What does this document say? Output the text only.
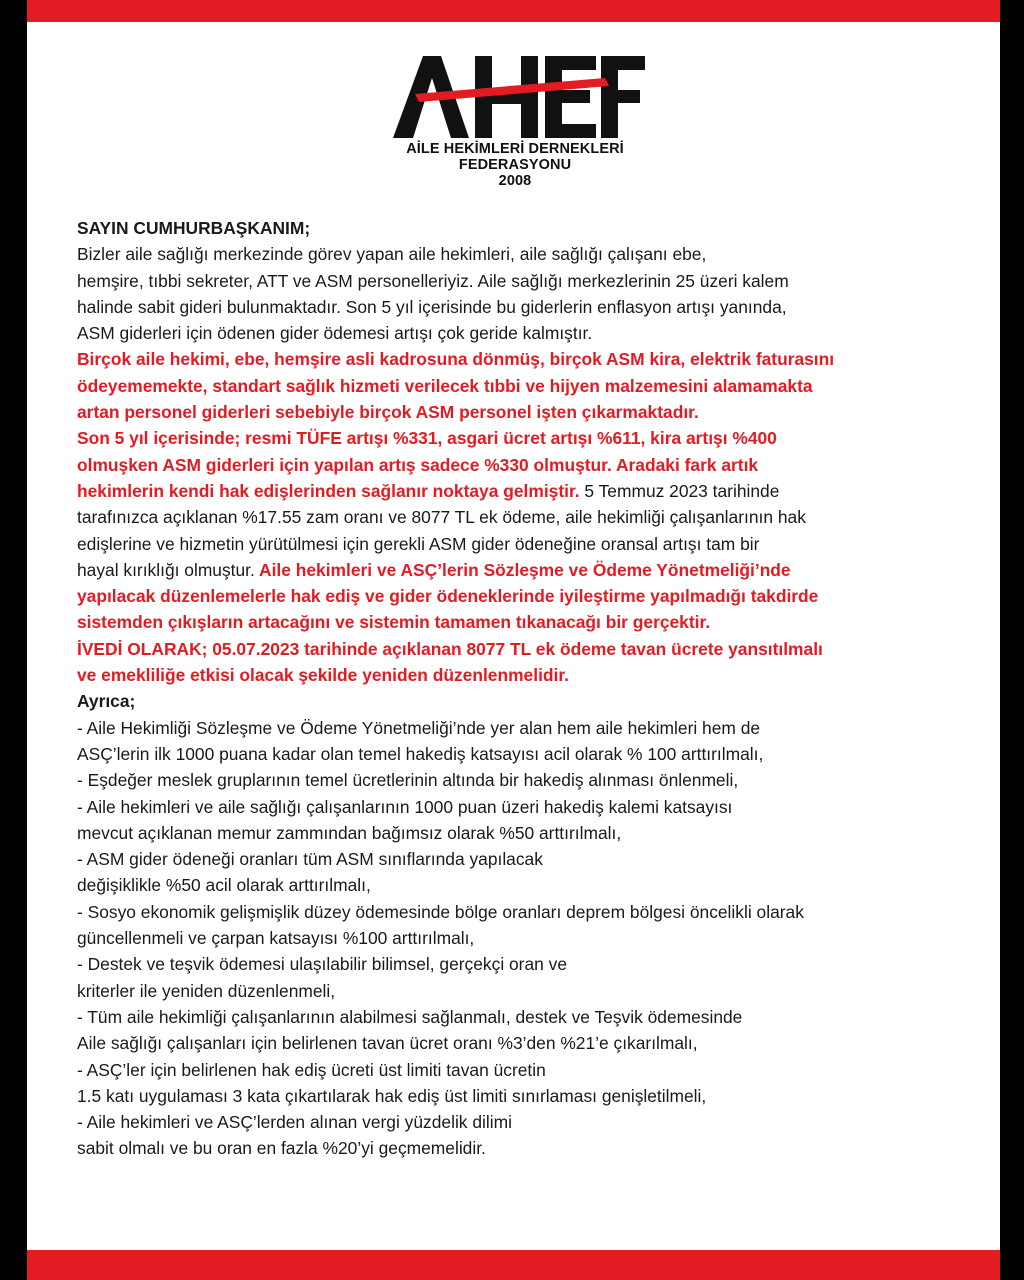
AİLE HEKİMLERİ DERNEKLERİ
FEDERASYONU
2008
SAYIN CUMHURBAŞKANIM;
Bizler aile sağlığı merkezinde görev yapan aile hekimleri, aile sağlığı çalışanı ebe,
hemşire, tıbbi sekreter, ATT ve ASM personelleriyiz. Aile sağlığı merkezlerinin 25 üzeri kalem
halinde sabit gideri bulunmaktadır. Son 5 yıl içerisinde bu giderlerin enflasyon artışı yanında,
ASM giderleri için ödenen gider ödemesi artışı çok geride kalmıştır.
Birçok aile hekimi, ebe, hemşire asli kadrosuna dönmüş, birçok ASM kira, elektrik faturasını
ödeyememekte, standart sağlık hizmeti verilecek tıbbi ve hijyen malzemesini alamamakta
artan personel giderleri sebebiyle birçok ASM personel işten çıkarmaktadır.
Son 5 yıl içerisinde; resmi TÜFE artışı %331, asgari ücret artışı %611, kira artışı %400
olmuşken ASM giderleri için yapılan artış sadece %330 olmuştur. Aradaki fark artık
hekimlerin kendi hak edişlerinden sağlanır noktaya gelmiştir. 5 Temmuz 2023 tarihinde
tarafınızca açıklanan %17.55 zam oranı ve 8077 TL ek ödeme, aile hekimliği çalışanlarının hak
edişlerine ve hizmetin yürütülmesi için gerekli ASM gider ödeneğine oransal artışı tam bir
hayal kırıklığı olmuştur. Aile hekimleri ve ASÇ’lerin Sözleşme ve Ödeme Yönetmeliği’nde
yapılacak düzenlemelerle hak ediş ve gider ödeneklerinde iyileştirme yapılmadığı takdirde
sistemden çıkışların artacağını ve sistemin tamamen tıkanacağı bir gerçektir.
İVEDİ OLARAK; 05.07.2023 tarihinde açıklanan 8077 TL ek ödeme tavan ücrete yansıtılmalı
ve emekliliğe etkisi olacak şekilde yeniden düzenlenmelidir.
Ayrıca;
- Aile Hekimliği Sözleşme ve Ödeme Yönetmeliği’nde yer alan hem aile hekimleri hem de
ASÇ’lerin ilk 1000 puana kadar olan temel hakediş katsayısı acil olarak % 100 arttırılmalı,
- Eşdeğer meslek gruplarının temel ücretlerinin altında bir hakediş alınması önlenmeli,
- Aile hekimleri ve aile sağlığı çalışanlarının 1000 puan üzeri hakediş kalemi katsayısı
mevcut açıklanan memur zammından bağımsız olarak %50 arttırılmalı,
- ASM gider ödeneği oranları tüm ASM sınıflarında yapılacak
değişiklikle %50 acil olarak arttırılmalı,
- Sosyo ekonomik gelişmişlik düzey ödemesinde bölge oranları deprem bölgesi öncelikli olarak
güncellenmeli ve çarpan katsayısı %100 arttırılmalı,
- Destek ve teşvik ödemesi ulaşılabilir bilimsel, gerçekçi oran ve
kriterler ile yeniden düzenlenmeli,
- Tüm aile hekimliği çalışanlarının alabilmesi sağlanmalı, destek ve Teşvik ödemesinde
Aile sağlığı çalışanları için belirlenen tavan ücret oranı %3’den %21’e çıkarılmalı,
- ASÇ’ler için belirlenen hak ediş ücreti üst limiti tavan ücretin
1.5 katı uygulaması 3 kata çıkartılarak hak ediş üst limiti sınırlaması genişletilmeli,
- Aile hekimleri ve ASÇ’lerden alınan vergi yüzdelik dilimi
sabit olmalı ve bu oran en fazla %20’yi geçmemelidir.
